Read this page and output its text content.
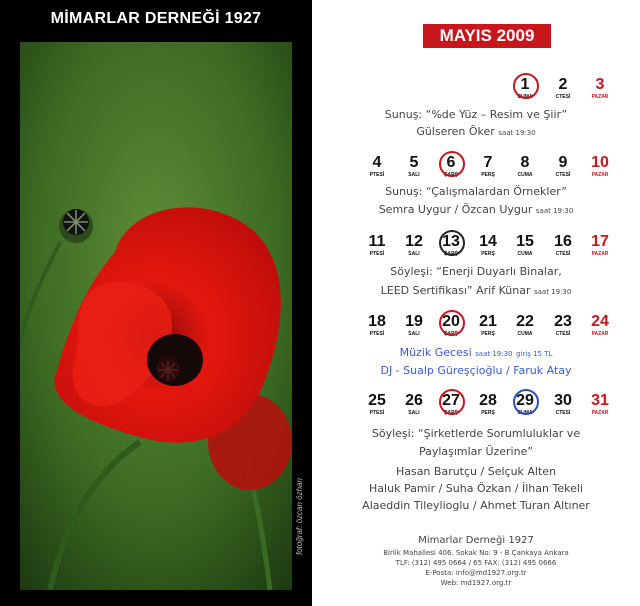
MİMARLAR DERNEĞİ 1927
fotoğraf: özcan özhan
MAYIS 2009
1
CUMA
2
CTESİ
3
PAZAR
Sunuş: “%de Yüz – Resim ve Şiir”
Gülseren Öker saat 19:30
4
PTESİ
5
SALI
6
ÇARŞ
7
PERŞ
8
CUMA
9
CTESİ
10
PAZAR
Sunuş: “Çalışmalardan Örnekler”
Semra Uygur / Özcan Uygur saat 19:30
11
PTESİ
12
SALI
13
ÇARŞ
14
PERŞ
15
CUMA
16
CTESİ
17
PAZAR
Söyleşi: “Enerji Duyarlı Binalar,
LEED Sertifikası” Arif Künar saat 19:30
18
PTESİ
19
SALI
20
ÇARŞ
21
PERŞ
22
CUMA
23
CTESİ
24
PAZAR
Müzik Gecesi saat 19:30 giriş 15 TL
DJ - Sualp Güreşçioğlu / Faruk Atay
25
PTESİ
26
SALI
27
ÇARŞ
28
PERŞ
29
CUMA
30
CTESİ
31
PAZAR
Söyleşi: “Şirketlerde Sorumluluklar ve
Paylaşımlar Üzerine”
Hasan Barutçu / Selçuk Alten
Haluk Pamir / Suha Özkan / İlhan Tekeli
Alaeddin Tileylioglu / Ahmet Turan Altıner
Mimarlar Derneği 1927
Birlik Mahallesi 406. Sokak No: 9 - B Çankaya Ankara
TLF: (312) 495 0664 / 65 FAX: (312) 495 0666
E-Posta: info@md1927.org.tr
Web: md1927.org.tr
